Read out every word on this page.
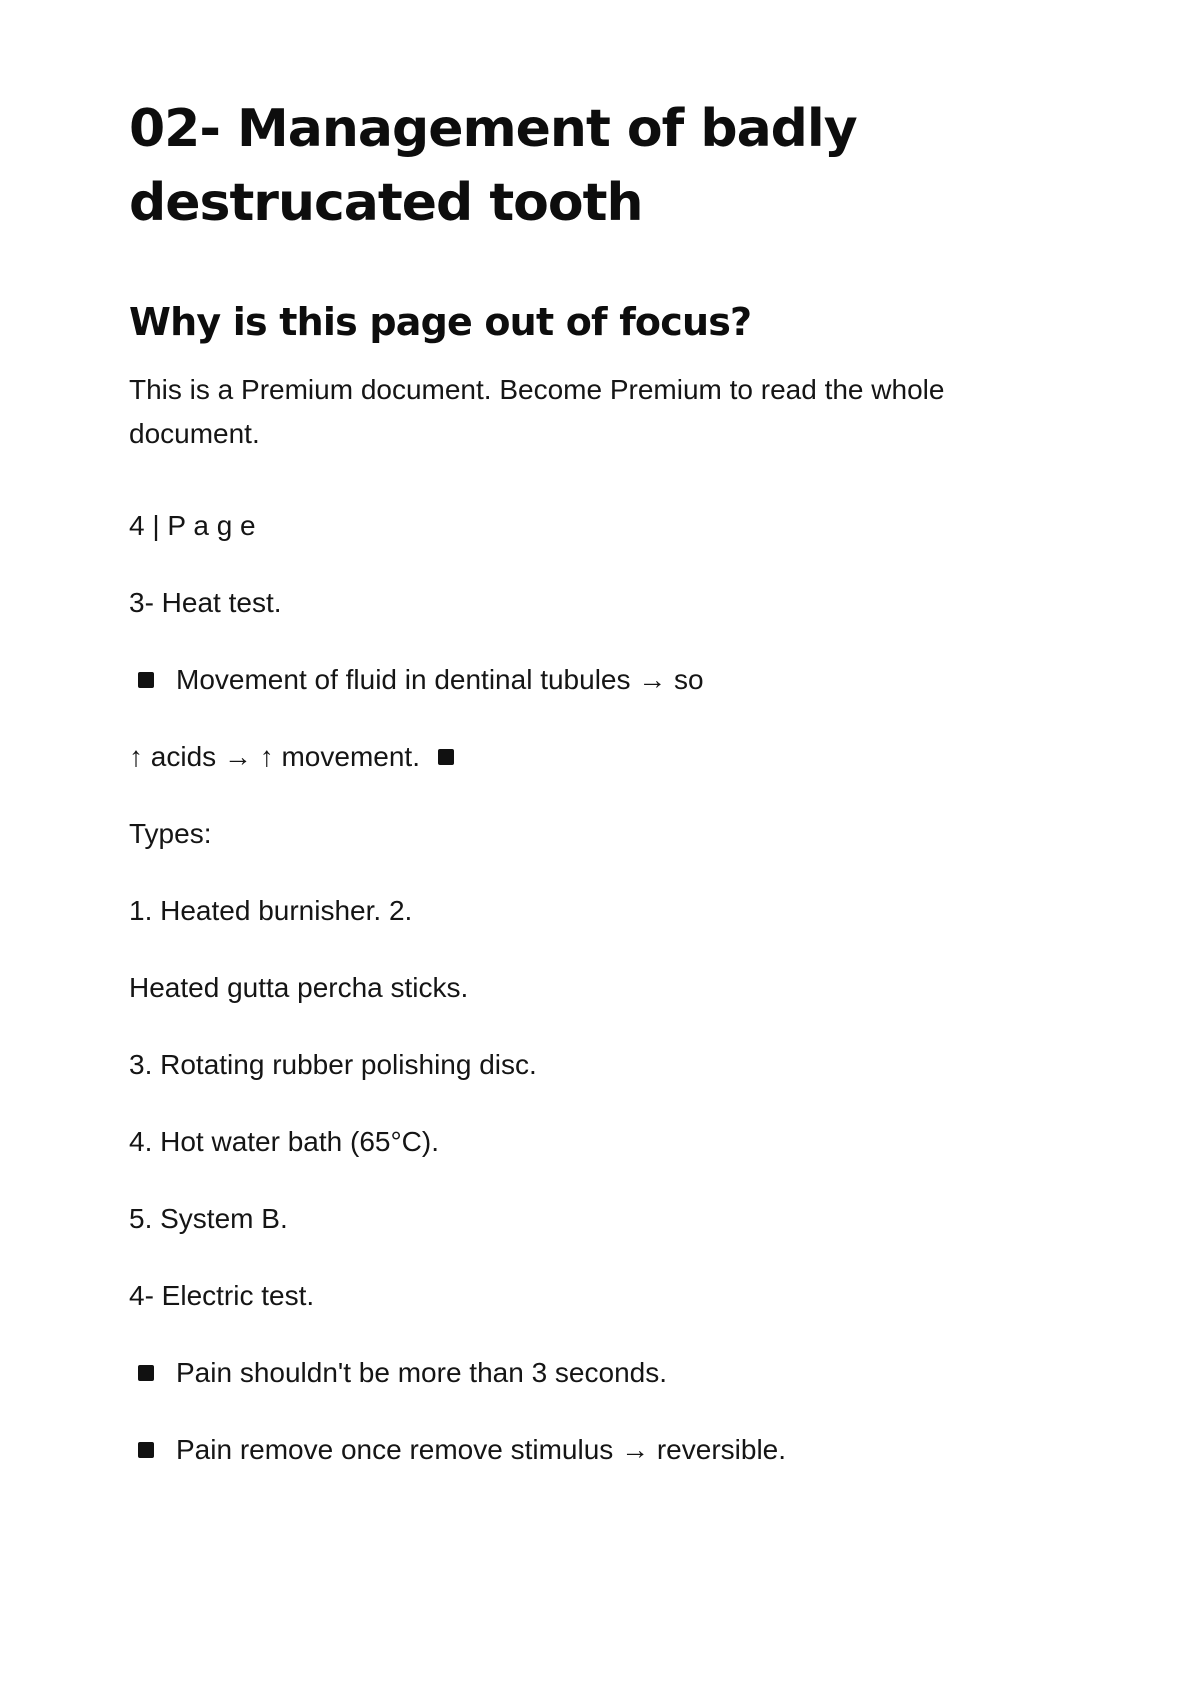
02- Management of badly destrucated tooth
Why is this page out of focus?

This is a Premium document. Become Premium to read the whole document.

4 | P a g e
3- Heat test.
Movement of fluid in dentinal tubules → so
↑ acids → ↑ movement.
Types:
1. Heated burnisher. 2.
Heated gutta percha sticks.
3. Rotating rubber polishing disc.
4. Hot water bath (65°C).
5. System B.
4- Electric test.
Pain shouldn't be more than 3 seconds.
Pain remove once remove stimulus → reversible.
